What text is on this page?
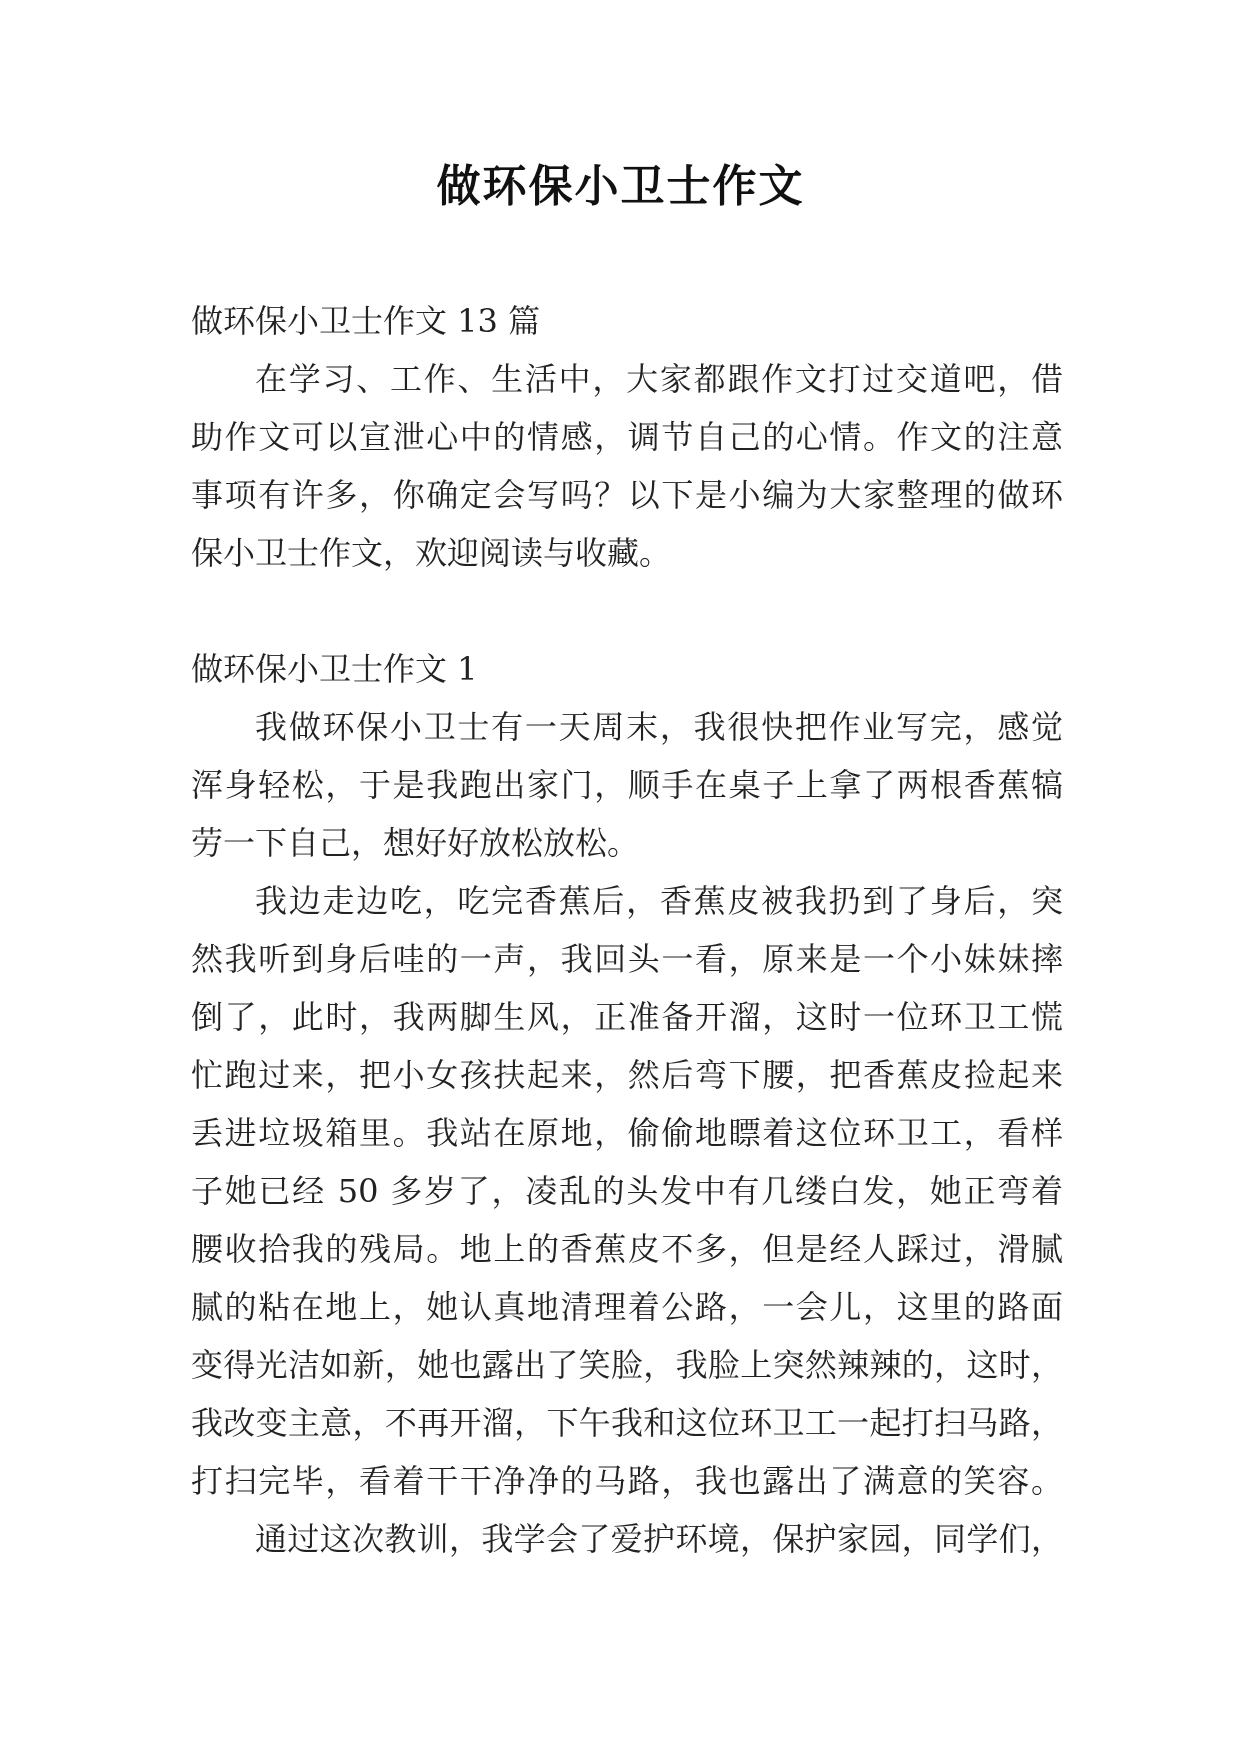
做环保小卫士作文
做环保小卫士作文 13 篇
在学习、工作、生活中，大家都跟作文打过交道吧，借
助作文可以宣泄心中的情感，调节自己的心情。作文的注意
事项有许多，你确定会写吗？以下是小编为大家整理的做环
保小卫士作文，欢迎阅读与收藏。
做环保小卫士作文 1
我做环保小卫士有一天周末，我很快把作业写完，感觉
浑身轻松，于是我跑出家门，顺手在桌子上拿了两根香蕉犒
劳一下自己，想好好放松放松。
我边走边吃，吃完香蕉后，香蕉皮被我扔到了身后，突
然我听到身后哇的一声，我回头一看，原来是一个小妹妹摔
倒了，此时，我两脚生风，正准备开溜，这时一位环卫工慌
忙跑过来，把小女孩扶起来，然后弯下腰，把香蕉皮捡起来
丢进垃圾箱里。我站在原地，偷偷地瞟着这位环卫工，看样
子她已经 50 多岁了，凌乱的头发中有几缕白发，她正弯着
腰收拾我的残局。地上的香蕉皮不多，但是经人踩过，滑腻
腻的粘在地上，她认真地清理着公路，一会儿，这里的路面
变得光洁如新，她也露出了笑脸，我脸上突然辣辣的，这时，
我改变主意，不再开溜，下午我和这位环卫工一起打扫马路，
打扫完毕，看着干干净净的马路，我也露出了满意的笑容。
通过这次教训，我学会了爱护环境，保护家园，同学们，
